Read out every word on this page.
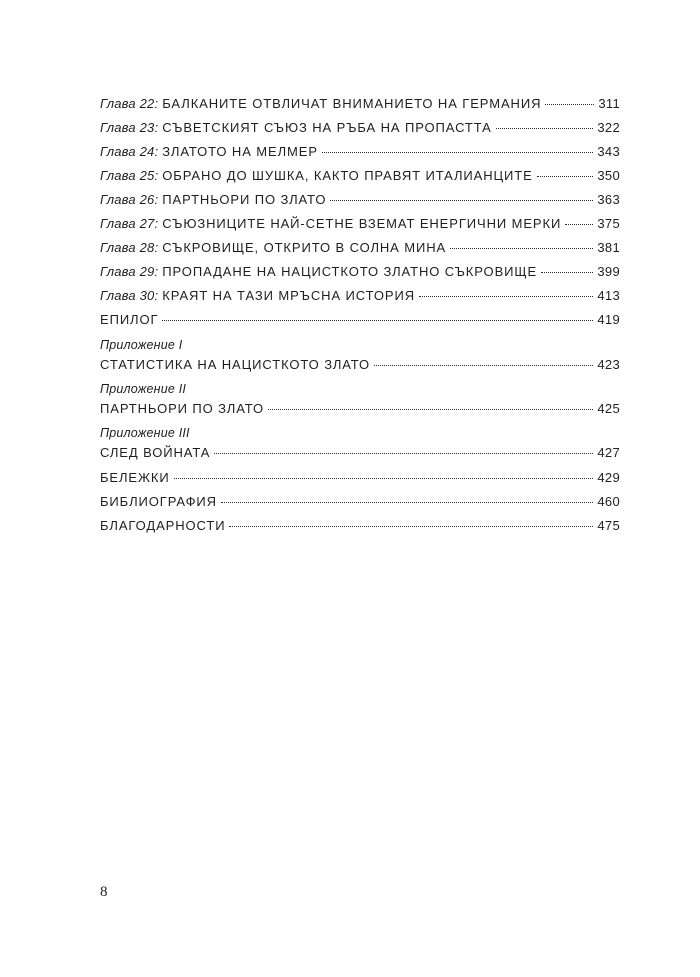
Глава 22: БАЛКАНИТЕ ОТВЛИЧАТ ВНИМАНИЕТО НА ГЕРМАНИЯ	311
Глава 23: СЪВЕТСКИЯТ СЪЮЗ НА РЪБА НА ПРОПАСТТА	322
Глава 24: ЗЛАТОТО НА МЕЛМЕР	343
Глава 25: ОБРАНО ДО ШУШКА, КАКТО ПРАВЯТ ИТАЛИАНЦИТЕ	350
Глава 26: ПАРТНЬОРИ ПО ЗЛАТО	363
Глава 27: СЪЮЗНИЦИТЕ НАЙ-СЕТНЕ ВЗЕМАТ ЕНЕРГИЧНИ МЕРКИ	375
Глава 28: СЪКРОВИЩЕ, ОТКРИТО В СОЛНА МИНА	381
Глава 29: ПРОПАДАНЕ НА НАЦИСТКОТО ЗЛАТНО СЪКРОВИЩЕ	399
Глава 30: КРАЯТ НА ТАЗИ МРЪСНА ИСТОРИЯ	413
ЕПИЛОГ	419
Приложение I
СТАТИСТИКА НА НАЦИСТКОТО ЗЛАТО	423
Приложение II
ПАРТНЬОРИ ПО ЗЛАТО	425
Приложение III
СЛЕД ВОЙНАТА	427
БЕЛЕЖКИ	429
БИБЛИОГРАФИЯ	460
БЛАГОДАРНОСТИ	475
8
